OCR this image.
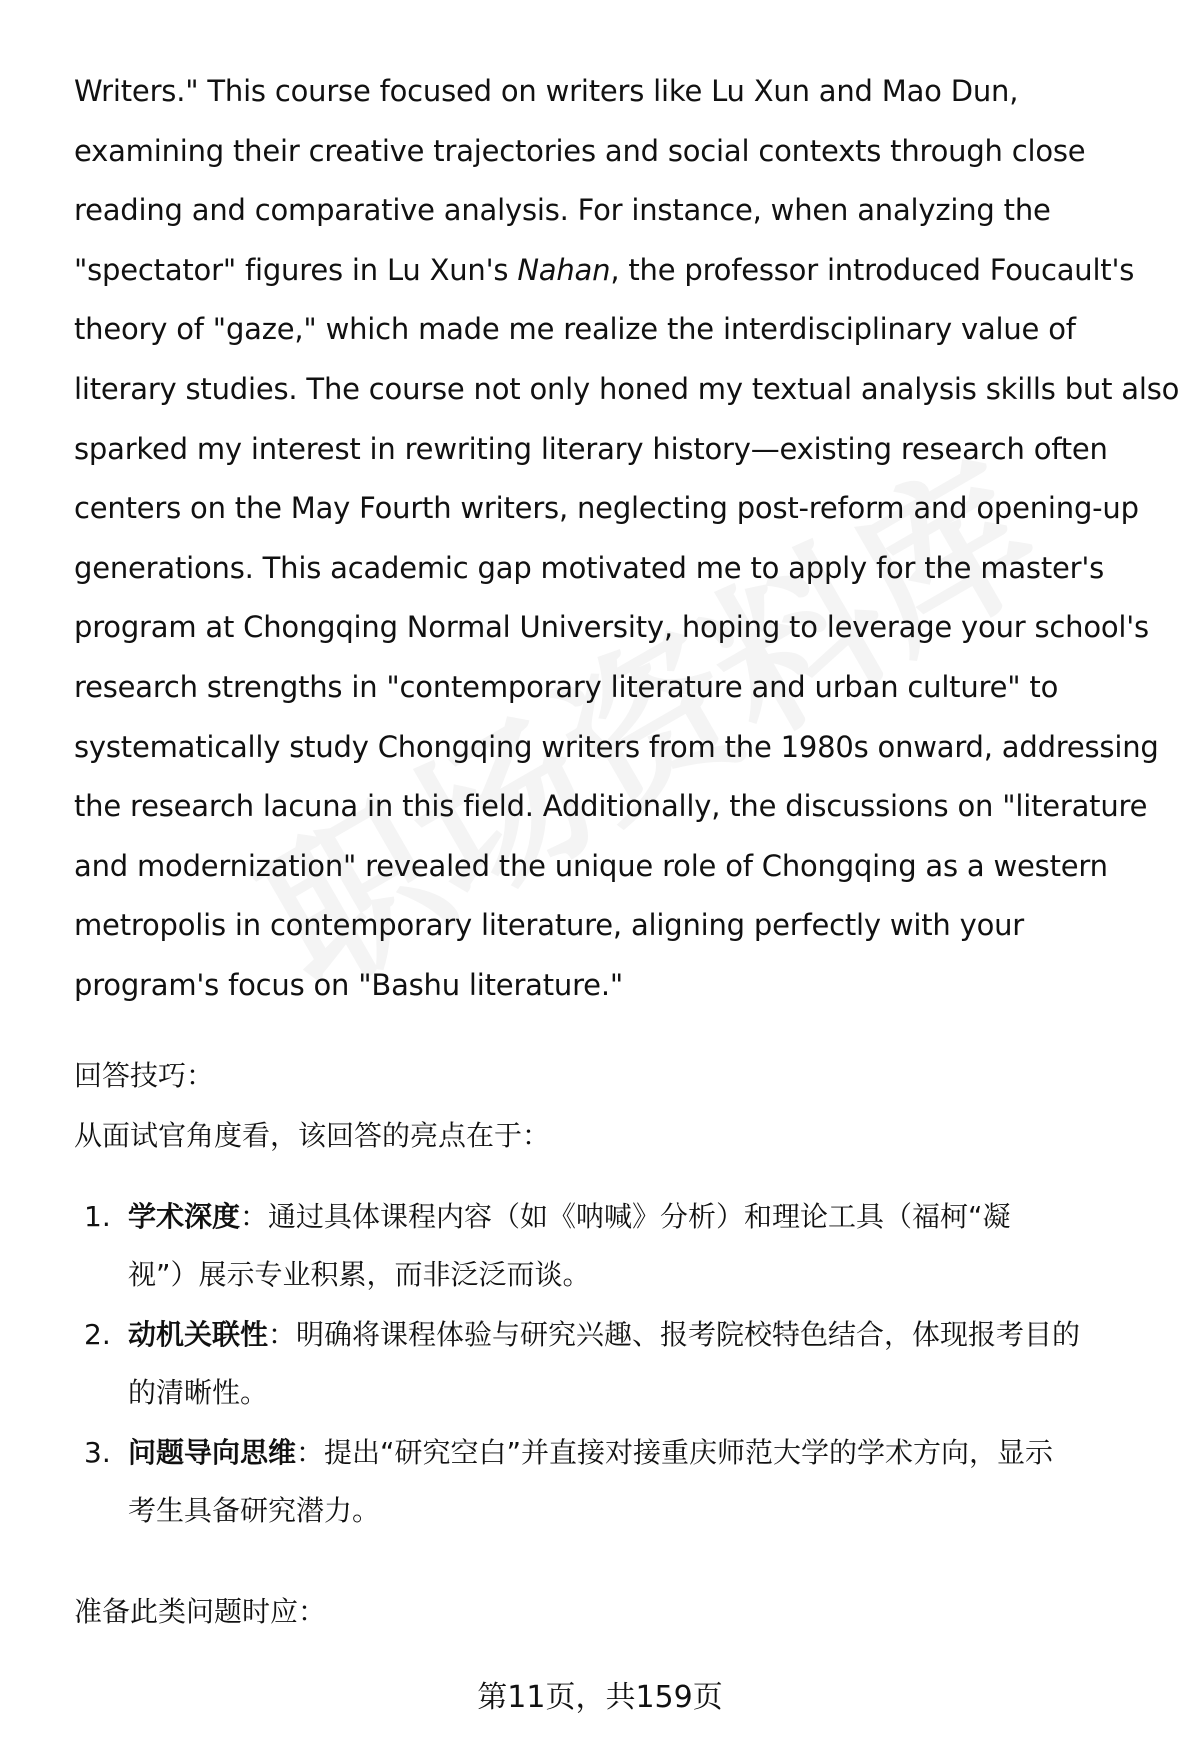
Writers." This course focused on writers like Lu Xun and Mao Dun,
examining their creative trajectories and social contexts through close
reading and comparative analysis. For instance, when analyzing the
"spectator" figures in Lu Xun's Nahan, the professor introduced Foucault's
theory of "gaze," which made me realize the interdisciplinary value of
literary studies. The course not only honed my textual analysis skills but also
sparked my interest in rewriting literary history—existing research often
centers on the May Fourth writers, neglecting post-reform and opening-up
generations. This academic gap motivated me to apply for the master's
program at Chongqing Normal University, hoping to leverage your school's
research strengths in "contemporary literature and urban culture" to
systematically study Chongqing writers from the 1980s onward, addressing
the research lacuna in this field. Additionally, the discussions on "literature
and modernization" revealed the unique role of Chongqing as a western
metropolis in contemporary literature, aligning perfectly with your
program's focus on "Bashu literature."
回答技巧：
从面试官角度看，该回答的亮点在于：
1. 学术深度：通过具体课程内容（如《呐喊》分析）和理论工具（福柯“凝
视”）展示专业积累，而非泛泛而谈。
2. 动机关联性：明确将课程体验与研究兴趣、报考院校特色结合，体现报考目的
的清晰性。
3. 问题导向思维：提出“研究空白”并直接对接重庆师范大学的学术方向，显示
考生具备研究潜力。
准备此类问题时应：
第11页，共159页
